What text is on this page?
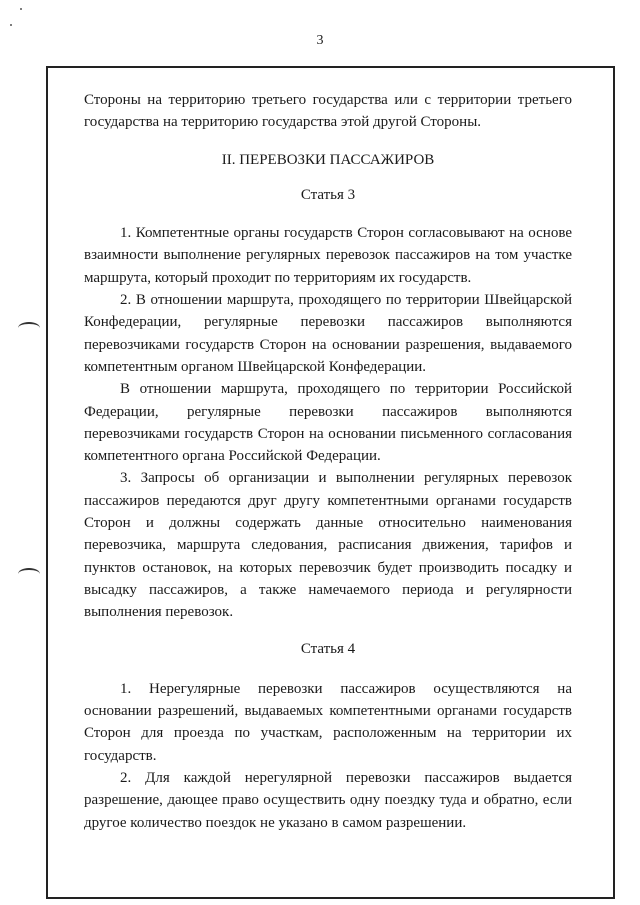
3

Стороны на территорию третьего государства или с территории третьего государства на территорию государства этой другой Стороны.

II. ПЕРЕВОЗКИ ПАССАЖИРОВ

Статья 3

1. Компетентные органы государств Сторон согласовывают на основе взаимности выполнение регулярных перевозок пассажиров на том участке маршрута, который проходит по территориям их государств.

2. В отношении маршрута, проходящего по территории Швейцарской Конфедерации, регулярные перевозки пассажиров выполняются перевозчиками государств Сторон на основании разрешения, выдаваемого компетентным органом Швейцарской Конфедерации.

В отношении маршрута, проходящего по территории Российской Федерации, регулярные перевозки пассажиров выполняются перевозчиками государств Сторон на основании письменного согласования компетентного органа Российской Федерации.

3. Запросы об организации и выполнении регулярных перевозок пассажиров передаются друг другу компетентными органами государств Сторон и должны содержать данные относительно наименования перевозчика, маршрута следования, расписания движения, тарифов и пунктов остановок, на которых перевозчик будет производить посадку и высадку пассажиров, а также намечаемого периода и регулярности выполнения перевозок.

Статья 4

1. Нерегулярные перевозки пассажиров осуществляются на основании разрешений, выдаваемых компетентными органами государств Сторон для проезда по участкам, расположенным на территории их государств.

2. Для каждой нерегулярной перевозки пассажиров выдается разрешение, дающее право осуществить одну поездку туда и обратно, если другое количество поездок не указано в самом разрешении.
